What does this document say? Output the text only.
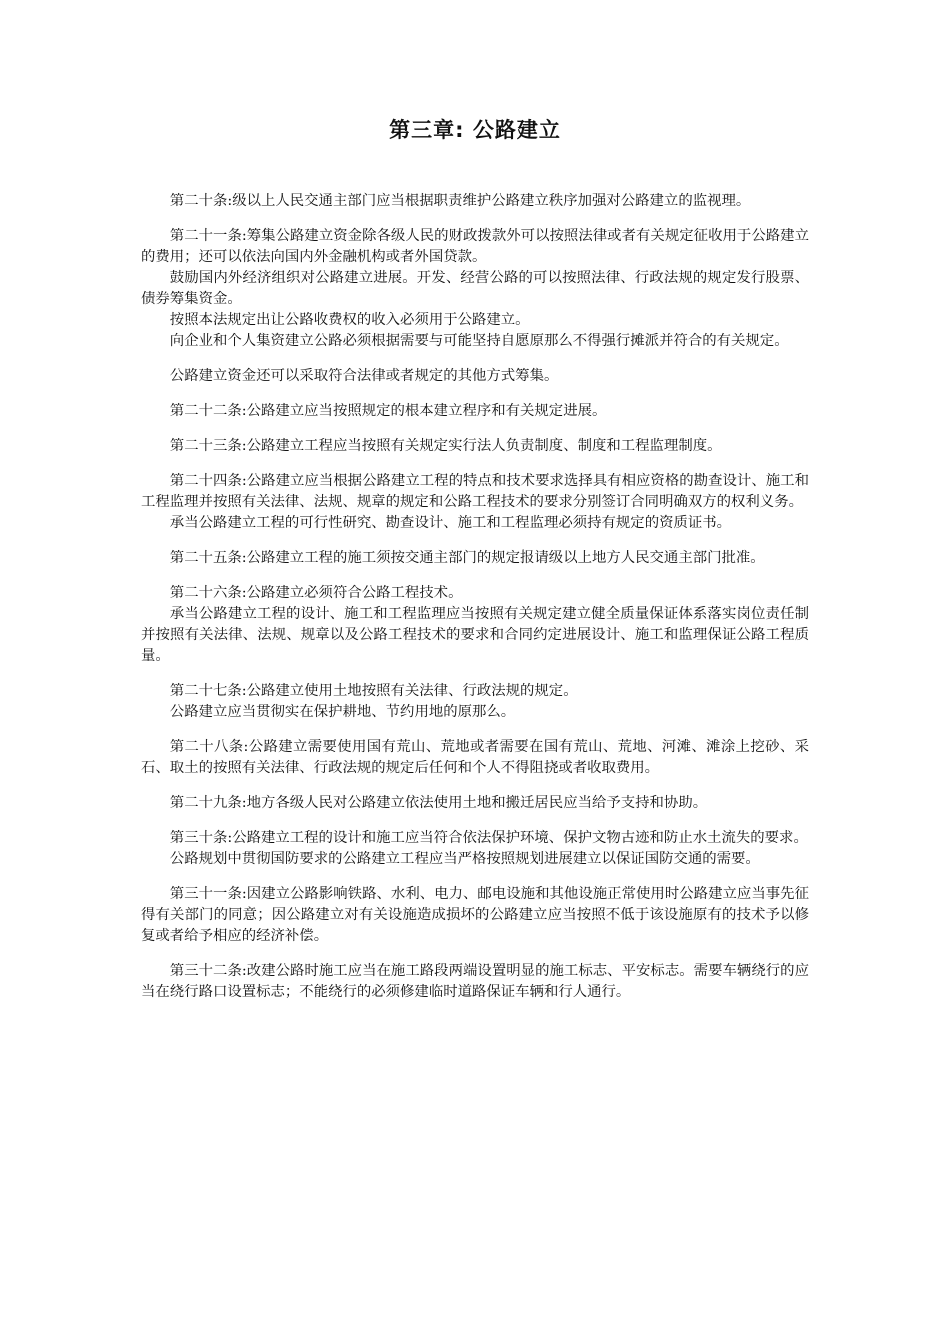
第三章: 公路建立

第二十条:级以上人民交通主部门应当根据职责维护公路建立秩序加强对公路建立的监视理。

第二十一条:筹集公路建立资金除各级人民的财政拨款外可以按照法律或者有关规定征收用于公路建立的费用；还可以依法向国内外金融机构或者外国贷款。

鼓励国内外经济组织对公路建立进展。开发、经营公路的可以按照法律、行政法规的规定发行股票、债券筹集资金。

按照本法规定出让公路收费权的收入必须用于公路建立。

向企业和个人集资建立公路必须根据需要与可能坚持自愿原那么不得强行摊派并符合的有关规定。

公路建立资金还可以采取符合法律或者规定的其他方式筹集。

第二十二条:公路建立应当按照规定的根本建立程序和有关规定进展。

第二十三条:公路建立工程应当按照有关规定实行法人负责制度、制度和工程监理制度。

第二十四条:公路建立应当根据公路建立工程的特点和技术要求选择具有相应资格的勘查设计、施工和工程监理并按照有关法律、法规、规章的规定和公路工程技术的要求分别签订合同明确双方的权利义务。

承当公路建立工程的可行性研究、勘查设计、施工和工程监理必须持有规定的资质证书。

第二十五条:公路建立工程的施工须按交通主部门的规定报请级以上地方人民交通主部门批准。

第二十六条:公路建立必须符合公路工程技术。

承当公路建立工程的设计、施工和工程监理应当按照有关规定建立健全质量保证体系落实岗位责任制并按照有关法律、法规、规章以及公路工程技术的要求和合同约定进展设计、施工和监理保证公路工程质量。

第二十七条:公路建立使用土地按照有关法律、行政法规的规定。

公路建立应当贯彻实在保护耕地、节约用地的原那么。

第二十八条:公路建立需要使用国有荒山、荒地或者需要在国有荒山、荒地、河滩、滩涂上挖砂、采石、取土的按照有关法律、行政法规的规定后任何和个人不得阻挠或者收取费用。

第二十九条:地方各级人民对公路建立依法使用土地和搬迁居民应当给予支持和协助。

第三十条:公路建立工程的设计和施工应当符合依法保护环境、保护文物古迹和防止水土流失的要求。

公路规划中贯彻国防要求的公路建立工程应当严格按照规划进展建立以保证国防交通的需要。

第三十一条:因建立公路影响铁路、水利、电力、邮电设施和其他设施正常使用时公路建立应当事先征得有关部门的同意；因公路建立对有关设施造成损坏的公路建立应当按照不低于该设施原有的技术予以修复或者给予相应的经济补偿。

第三十二条:改建公路时施工应当在施工路段两端设置明显的施工标志、平安标志。需要车辆绕行的应当在绕行路口设置标志；不能绕行的必须修建临时道路保证车辆和行人通行。
